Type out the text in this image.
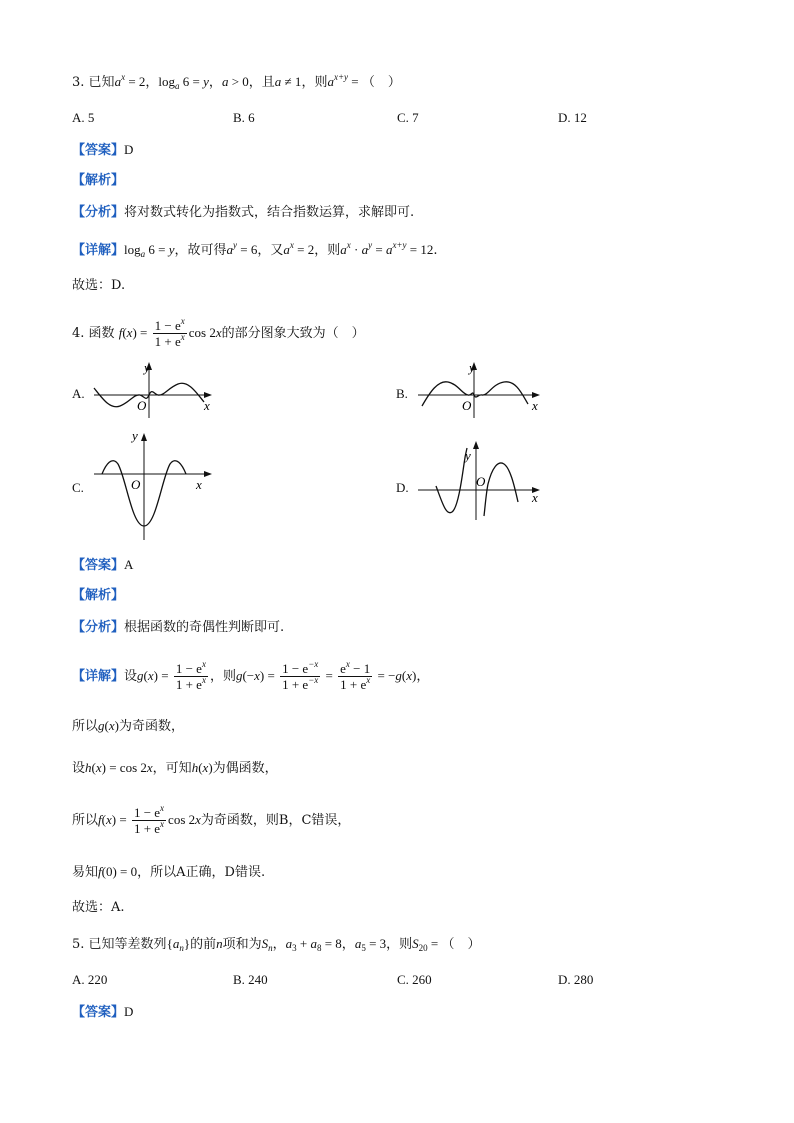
3. 已知$a^x = 2$，$\log_a 6 = y$，a > 0，且a ≠ 1，则$a^{x+y}$ = （　）
A. 5	B. 6	C. 7	D. 12
【答案】D
【解析】
【分析】将对数式转化为指数式，结合指数运算，求解即可.
【详解】$\log_a 6 = y$，故可得$a^y = 6$，又$a^x = 2$，则$a^x \cdot a^y = a^{x+y} = 12$.
故选：D.
4. 函数 $f(x) = \frac{1 - e^x}{1 + e^x}$ cos 2x的部分图象大致为（　）
A.
y
O	x
B.
y
O	x
C.
y
O	x	D.
y
O
x
【答案】A
【解析】
【分析】根据函数的奇偶性判断即可.
【详解】设$g(x) = \frac{1 - e^x}{1 + e^x}$ ，则$g(-x) = \frac{1 - e^{-x}}{1 + e^{-x}} = \frac{e^x - 1}{1 + e^x} = -g(x)$，
所以g(x)为奇函数，
设h(x) = cos 2x，可知h(x)为偶函数，
所以$f(x) = \frac{1 - e^x}{1 + e^x}$ cos 2x为奇函数，则B，C错误，
易知f(0) = 0，所以A正确，D错误.
故选：A.
5. 已知等差数列$\{a_n\}$的前n项和为$S_n$，$a_3 + a_8 = 8$，$a_5 = 3$，则$S_{20}$ = （　）
A. 220	B. 240	C. 260	D. 280
【答案】D
